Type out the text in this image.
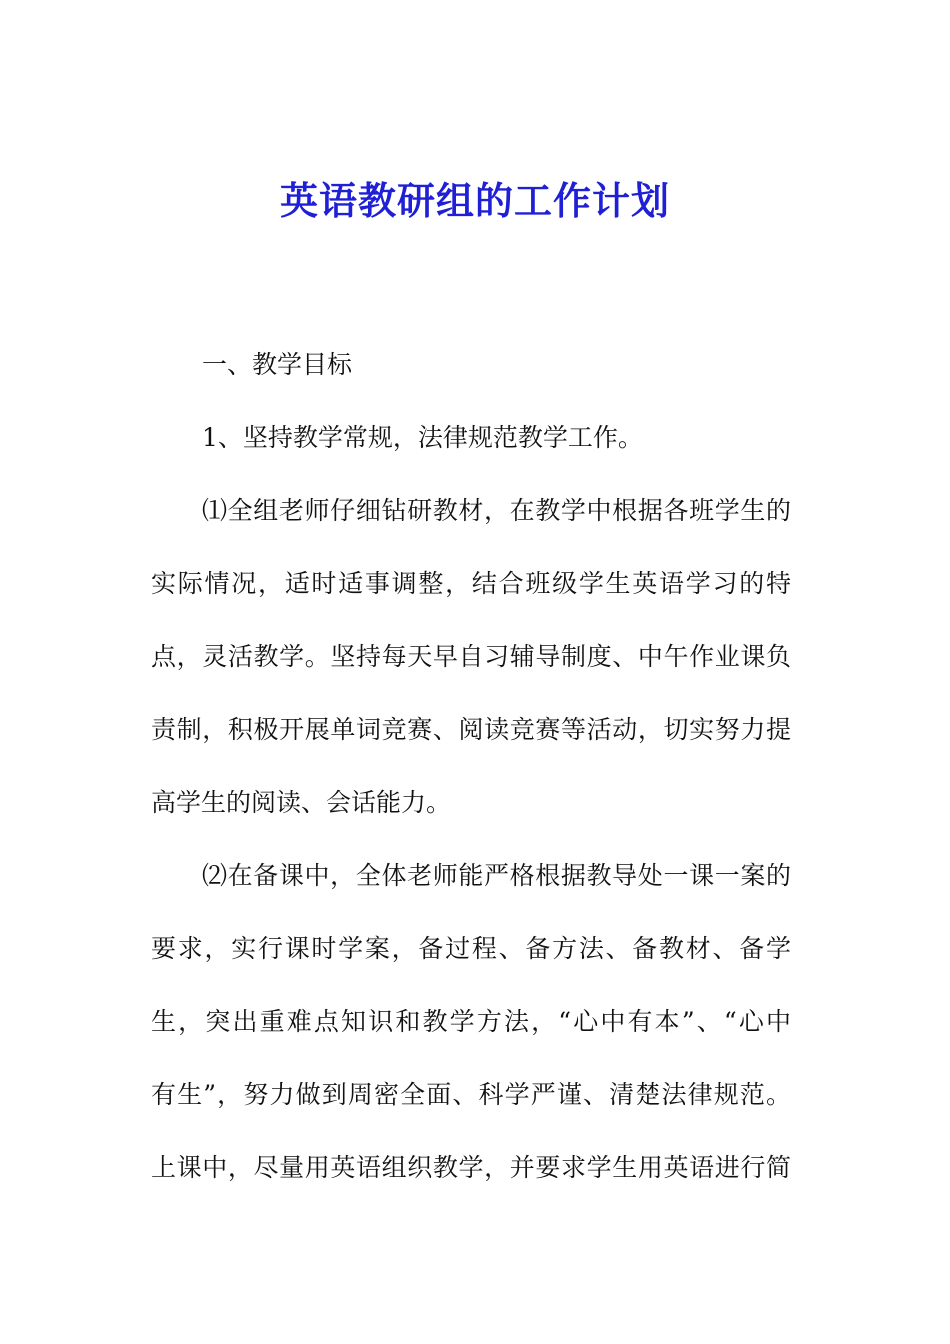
英语教研组的工作计划
一、教学目标
1、坚持教学常规，法律规范教学工作。
⑴全组老师仔细钻研教材，在教学中根据各班学生的
实际情况，适时适事调整，结合班级学生英语学习的特
点，灵活教学。坚持每天早自习辅导制度、中午作业课负
责制，积极开展单词竞赛、阅读竞赛等活动，切实努力提
高学生的阅读、会话能力。
⑵在备课中，全体老师能严格根据教导处一课一案的
要求，实行课时学案，备过程、备方法、备教材、备学
生，突出重难点知识和教学方法，“心中有本”、“心中
有生”，努力做到周密全面、科学严谨、清楚法律规范。
上课中，尽量用英语组织教学，并要求学生用英语进行简
